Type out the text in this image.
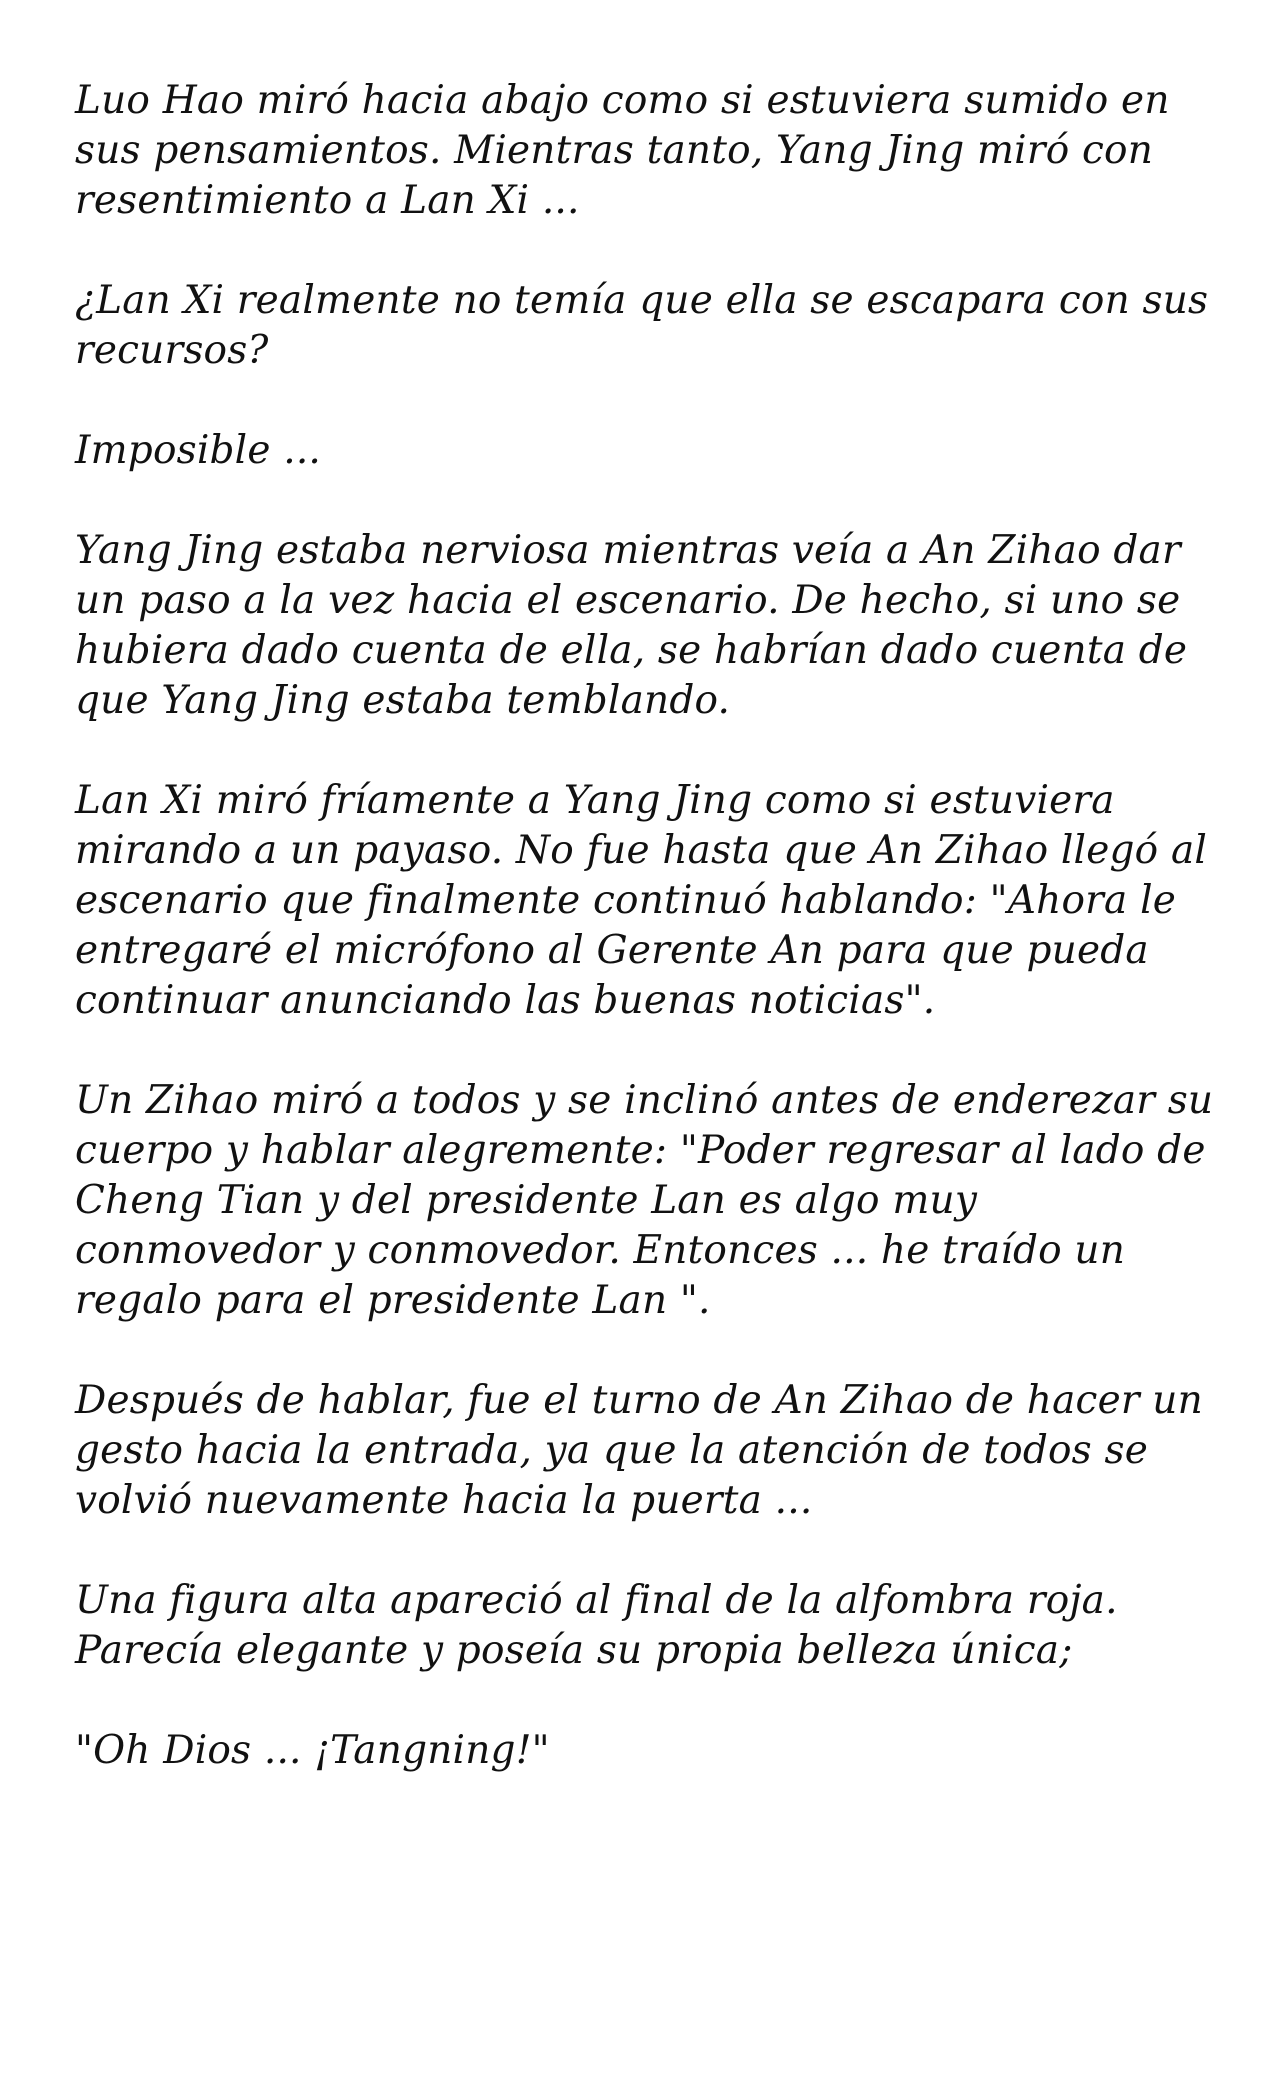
Luo Hao miró hacia abajo como si estuviera sumido en sus pensamientos. Mientras tanto, Yang Jing miró con resentimiento a Lan Xi ...

¿Lan Xi realmente no temía que ella se escapara con sus recursos?

Imposible ...

Yang Jing estaba nerviosa mientras veía a An Zihao dar un paso a la vez hacia el escenario. De hecho, si uno se hubiera dado cuenta de ella, se habrían dado cuenta de que Yang Jing estaba temblando.

Lan Xi miró fríamente a Yang Jing como si estuviera mirando a un payaso. No fue hasta que An Zihao llegó al escenario que finalmente continuó hablando: "Ahora le entregaré el micrófono al Gerente An para que pueda continuar anunciando las buenas noticias".

Un Zihao miró a todos y se inclinó antes de enderezar su cuerpo y hablar alegremente: "Poder regresar al lado de Cheng Tian y del presidente Lan es algo muy conmovedor y conmovedor. Entonces ... he traído un regalo para el presidente Lan ".

Después de hablar, fue el turno de An Zihao de hacer un gesto hacia la entrada, ya que la atención de todos se volvió nuevamente hacia la puerta ...

Una figura alta apareció al final de la alfombra roja. Parecía elegante y poseía su propia belleza única;

"Oh Dios ... ¡Tangning!"
